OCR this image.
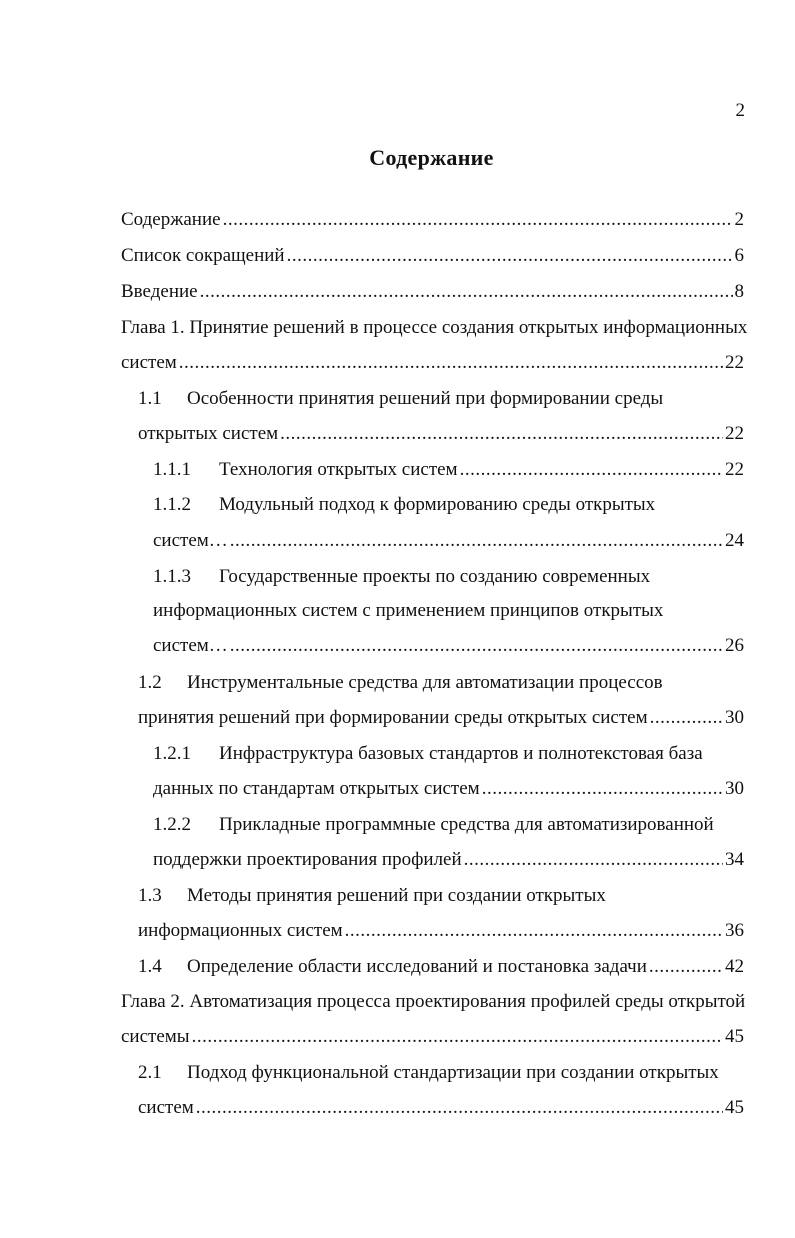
2
Содержание
Содержание .....	2
Список сокращений .....	6
Введение .....	8
Глава 1. Принятие решений в процессе создания открытых информационных
систем .....	22
1.1	Особенности принятия решений при формировании среды
открытых систем .....	22
1.1.1	Технология открытых систем .....	22
1.1.2	Модульный подход к формированию среды открытых
систем… .....	24
1.1.3	Государственные проекты по созданию современных
информационных систем с применением принципов открытых
систем… .....	26
1.2	Инструментальные средства для автоматизации процессов
принятия решений при формировании среды открытых систем .....	30
1.2.1	Инфраструктура базовых стандартов и полнотекстовая база
данных по стандартам открытых систем .....	30
1.2.2	Прикладные программные средства для автоматизированной
поддержки проектирования профилей .....	34
1.3	Методы принятия решений при создании открытых
информационных систем .....	36
1.4	Определение области исследований и постановка задачи .....	42
Глава 2. Автоматизация процесса проектирования профилей среды открытой
системы .....	45
2.1	Подход функциональной стандартизации при создании открытых
систем .....	45
